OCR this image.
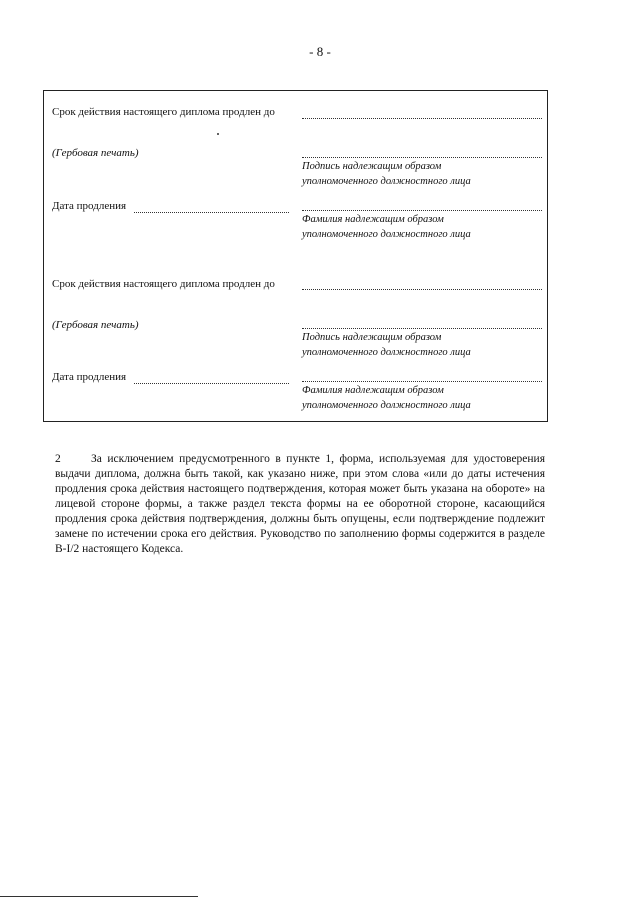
- 8 -
Срок действия настоящего диплома продлен до
(Гербовая печать)
Подпись надлежащим образом
уполномоченного должностного лица
Дата продления
Фамилия надлежащим образом
уполномоченного должностного лица
Срок действия настоящего диплома продлен до
(Гербовая печать)
Подпись надлежащим образом
уполномоченного должностного лица
Дата продления
Фамилия надлежащим образом
уполномоченного должностного лица
2	За исключением предусмотренного в пункте 1, форма, используемая для удостоверения выдачи диплома, должна быть такой, как указано ниже, при этом слова «или до даты истечения продления срока действия настоящего подтверждения, которая может быть указана на обороте» на лицевой стороне формы, а также раздел текста формы на ее оборотной стороне, касающийся продления срока действия подтверждения, должны быть опущены, если подтверждение подлежит замене по истечении срока его действия. Руководство по заполнению формы содержится в разделе B-I/2 настоящего Кодекса.
